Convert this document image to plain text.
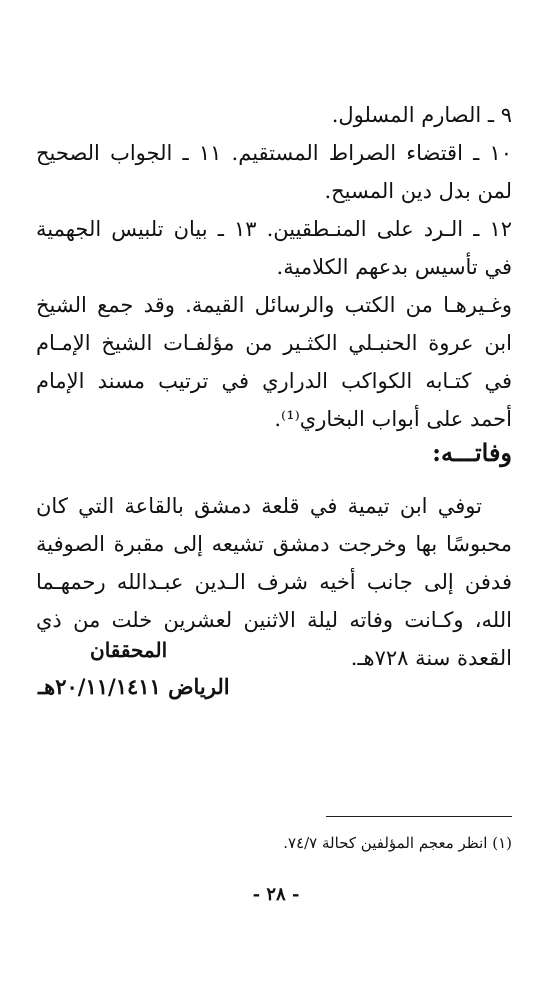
٩ ـ الصارم المسلول.
١٠ ـ اقتضاء الصراط المستقيم. ١١ ـ الجواب الصحيح لمن بدل دين المسيح.
١٢ ـ الـرد على المنـطقيين. ١٣ ـ بيان تلبيس الجهمية في تأسيس بدعهم الكلامية.
وغـيرهـا من الكتب والرسائل القيمة. وقد جمع الشيخ ابن عروة الحنبـلي الكثـير من مؤلفـات الشيخ الإمـام في كتـابه الكواكب الدراري في ترتيب مسند الإمام أحمد على أبواب البخاري⁽¹⁾.
وفاتـــه:
توفي ابن تيمية في قلعة دمشق بالقاعة التي كان محبوسًا بها وخرجت دمشق تشيعه إلى مقبرة الصوفية فدفن إلى جانب أخيه شرف الـدين عبـدالله رحمهـما الله، وكـانت وفاته ليلة الاثنين لعشرين خلت من ذي القعدة سنة ٧٢٨هـ.
المحققان
الرياض ٢٠/١١/١٤١١هـ

(١) انظر معجم المؤلفين كحالة ٧٤/٧.

- ٢٨ -
